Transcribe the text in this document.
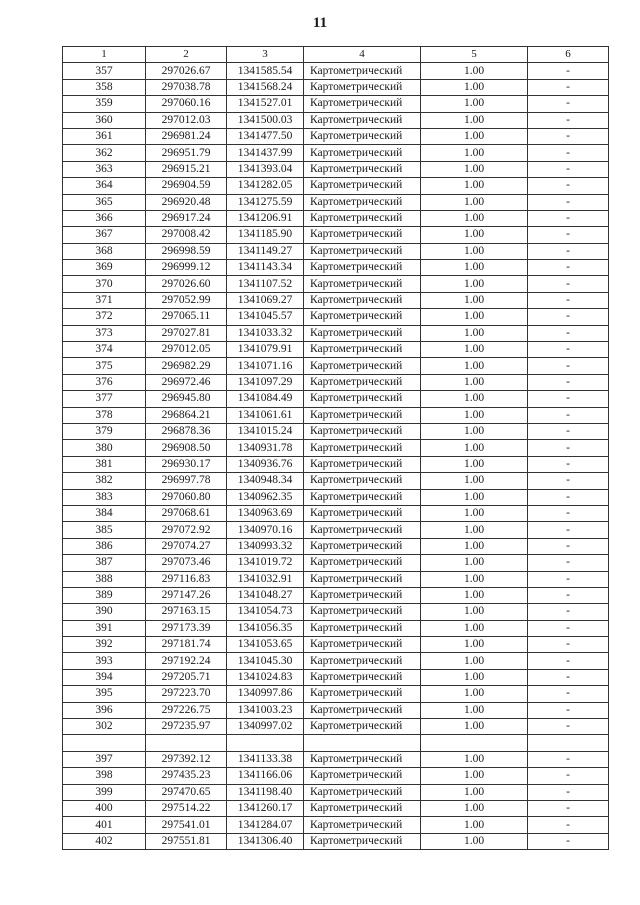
11
1	2	3	4	5	6
357	297026.67	1341585.54	Картометрический	1.00	-
358	297038.78	1341568.24	Картометрический	1.00	-
359	297060.16	1341527.01	Картометрический	1.00	-
360	297012.03	1341500.03	Картометрический	1.00	-
361	296981.24	1341477.50	Картометрический	1.00	-
362	296951.79	1341437.99	Картометрический	1.00	-
363	296915.21	1341393.04	Картометрический	1.00	-
364	296904.59	1341282.05	Картометрический	1.00	-
365	296920.48	1341275.59	Картометрический	1.00	-
366	296917.24	1341206.91	Картометрический	1.00	-
367	297008.42	1341185.90	Картометрический	1.00	-
368	296998.59	1341149.27	Картометрический	1.00	-
369	296999.12	1341143.34	Картометрический	1.00	-
370	297026.60	1341107.52	Картометрический	1.00	-
371	297052.99	1341069.27	Картометрический	1.00	-
372	297065.11	1341045.57	Картометрический	1.00	-
373	297027.81	1341033.32	Картометрический	1.00	-
374	297012.05	1341079.91	Картометрический	1.00	-
375	296982.29	1341071.16	Картометрический	1.00	-
376	296972.46	1341097.29	Картометрический	1.00	-
377	296945.80	1341084.49	Картометрический	1.00	-
378	296864.21	1341061.61	Картометрический	1.00	-
379	296878.36	1341015.24	Картометрический	1.00	-
380	296908.50	1340931.78	Картометрический	1.00	-
381	296930.17	1340936.76	Картометрический	1.00	-
382	296997.78	1340948.34	Картометрический	1.00	-
383	297060.80	1340962.35	Картометрический	1.00	-
384	297068.61	1340963.69	Картометрический	1.00	-
385	297072.92	1340970.16	Картометрический	1.00	-
386	297074.27	1340993.32	Картометрический	1.00	-
387	297073.46	1341019.72	Картометрический	1.00	-
388	297116.83	1341032.91	Картометрический	1.00	-
389	297147.26	1341048.27	Картометрический	1.00	-
390	297163.15	1341054.73	Картометрический	1.00	-
391	297173.39	1341056.35	Картометрический	1.00	-
392	297181.74	1341053.65	Картометрический	1.00	-
393	297192.24	1341045.30	Картометрический	1.00	-
394	297205.71	1341024.83	Картометрический	1.00	-
395	297223.70	1340997.86	Картометрический	1.00	-
396	297226.75	1341003.23	Картометрический	1.00	-
302	297235.97	1340997.02	Картометрический	1.00	-

397	297392.12	1341133.38	Картометрический	1.00	-
398	297435.23	1341166.06	Картометрический	1.00	-
399	297470.65	1341198.40	Картометрический	1.00	-
400	297514.22	1341260.17	Картометрический	1.00	-
401	297541.01	1341284.07	Картометрический	1.00	-
402	297551.81	1341306.40	Картометрический	1.00	-
